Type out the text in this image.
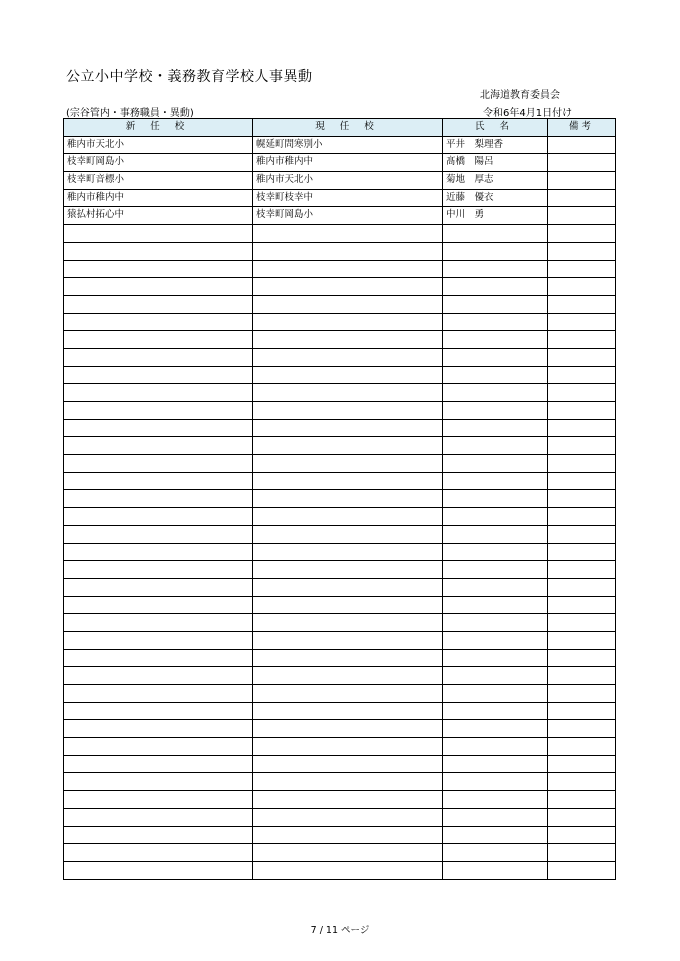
公立小中学校・義務教育学校人事異動
北海道教育委員会
(宗谷管内・事務職員・異動)	令和6年4月1日付け
新 任 校	現 任 校	氏 名	備考
稚内市天北小	幌延町問寒別小	平井　梨理香	
枝幸町岡島小	稚内市稚内中	髙橋　陽呂	
枝幸町音標小	稚内市天北小	菊地　厚志	
稚内市稚内中	枝幸町枝幸中	近藤　優衣	
猿払村拓心中	枝幸町岡島小	中川　勇	

7 / 11 ページ
